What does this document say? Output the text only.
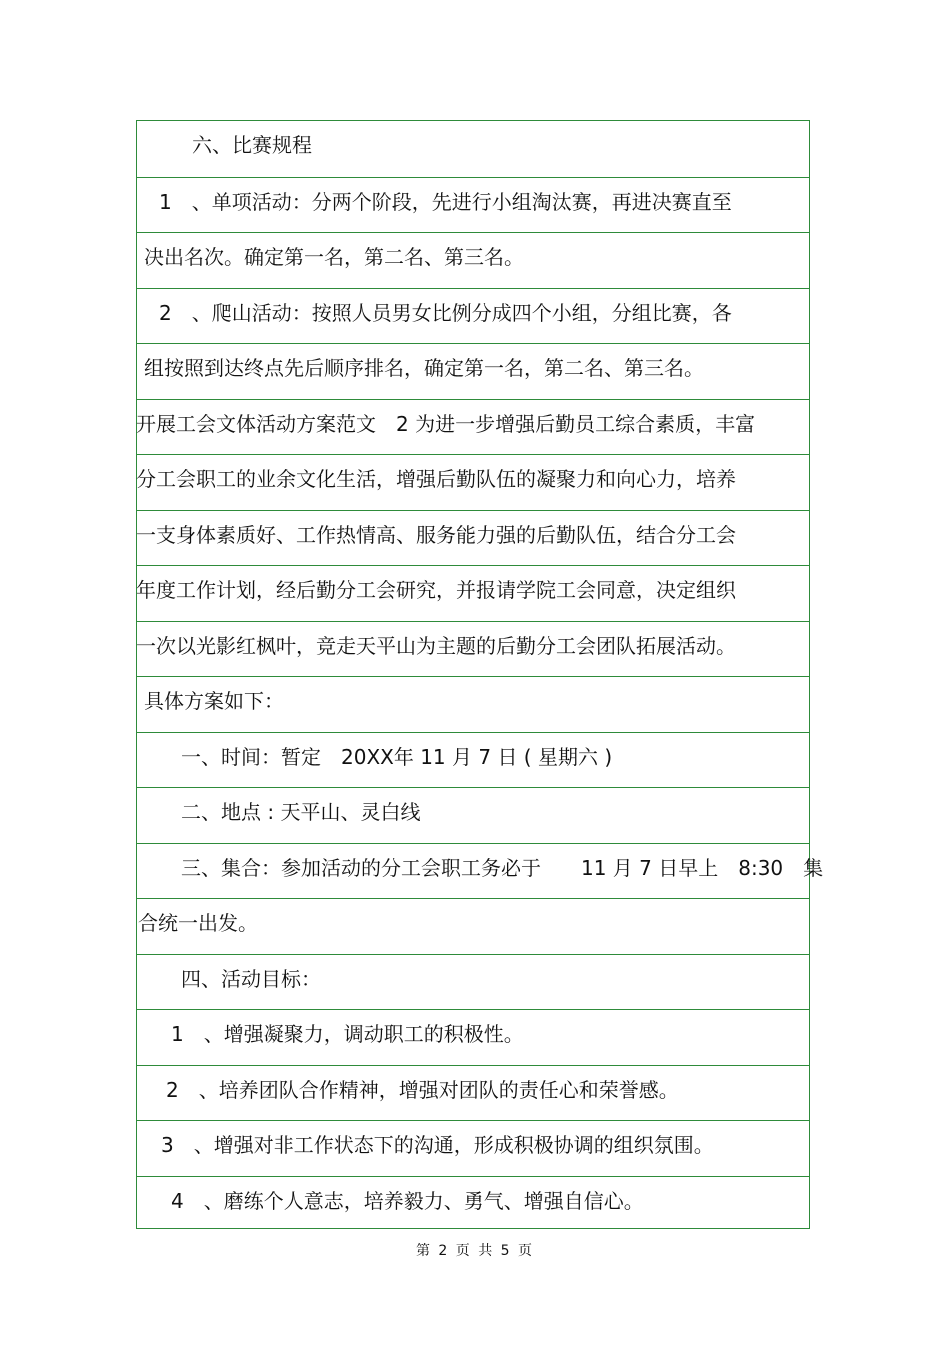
六、比赛规程
1　、单项活动：分两个阶段，先进行小组淘汰赛，再进决赛直至
决出名次。确定第一名，第二名、第三名。
2　、爬山活动：按照人员男女比例分成四个小组，分组比赛，各
组按照到达终点先后顺序排名，确定第一名，第二名、第三名。
开展工会文体活动方案范文　2 为进一步增强后勤员工综合素质，丰富
分工会职工的业余文化生活，增强后勤队伍的凝聚力和向心力，培养
一支身体素质好、工作热情高、服务能力强的后勤队伍，结合分工会
年度工作计划，经后勤分工会研究，并报请学院工会同意，决定组织
一次以光影红枫叶，竞走天平山为主题的后勤分工会团队拓展活动。
具体方案如下：
一、时间：暂定　20XX年 11 月 7 日 ( 星期六 )
二、地点 : 天平山、灵白线
三、集合：参加活动的分工会职工务必于　　11 月 7 日早上　8:30　集
合统一出发。
四、活动目标：
1　、增强凝聚力，调动职工的积极性。
2　、培养团队合作精神，增强对团队的责任心和荣誉感。
3　、增强对非工作状态下的沟通，形成积极协调的组织氛围。
4　、磨练个人意志，培养毅力、勇气、增强自信心。
第 2 页 共 5 页
